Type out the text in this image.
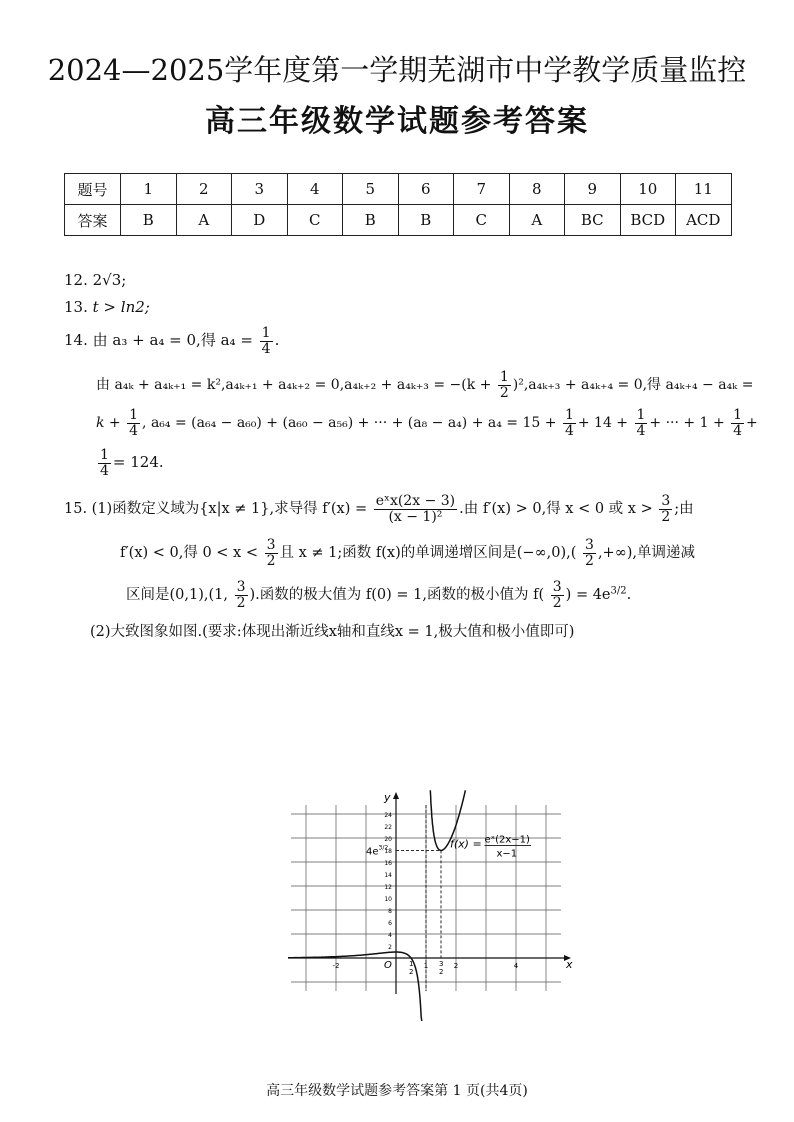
2024—2025学年度第一学期芜湖市中学教学质量监控
高三年级数学试题参考答案
题号	1	2	3	4	5	6	7	8	9	10	11
答案	B	A	D	C	B	B	C	A	BC	BCD	ACD
12. 2√3;
13. t > ln2;
14. 由 a₃ + a₄ = 0,得 $a_4 = \frac{1}{4}$ .
由 $a_{4k} + a_{4k+1} = k^2,a_{4k+1} + a_{4k+2} = 0,a_{4k+2} + a_{4k+3} = -(k + \frac{1}{2} )^2,a_{4k+3} + a_{4k+4} = 0$,得 a₄ₖ₊₄ − a₄ₖ =
$k + \frac{1}{4}$ , a₆₄ = (a₆₄ − a₆₀) + (a₆₀ − a₅₆) + ··· + $(a_8 - a_4) + a_4 = 15 + \frac{1}{4} + 14 + \frac{1}{4}$ + ··· + $1 + \frac{1}{4}$ +
$\frac{1}{4} = 124$.
15. (1)函数定义域为{x|x ≠ 1},求导得 $f'(x) = \frac{\text{eˣx(2x − 3)}}{\text{(x − 1)²}}$ .由 f′(x) > 0,得 x < 0 或 $x > \frac{3}{2}$ ;由
f′(x) < 0,得 $0 < x < \frac{3}{2}$ 且 x ≠ 1;函数 f(x)的单调递增区间是$(-\infty,0),( \frac{3}{2}$ ,+∞),单调递减
区间是(0,1),(1, $\frac{3}{2}$ ).函数的极大值为 f(0) = 1,函数的极小值为 $f( \frac{3}{2}$ ) = $4e^{3/2}$.
(2)大致图象如图.(要求:体现出渐近线x轴和直线x = 1,极大值和极小值即可)
24
22
20
18
16
14
12
10
8
6
4
2
-2	1	2	4
y
x
O
$4e^{3/2}$	f(x) = eˣ(2x−1)
x−1
1
2
3
2
高三年级数学试题参考答案第 1 页(共4页)
